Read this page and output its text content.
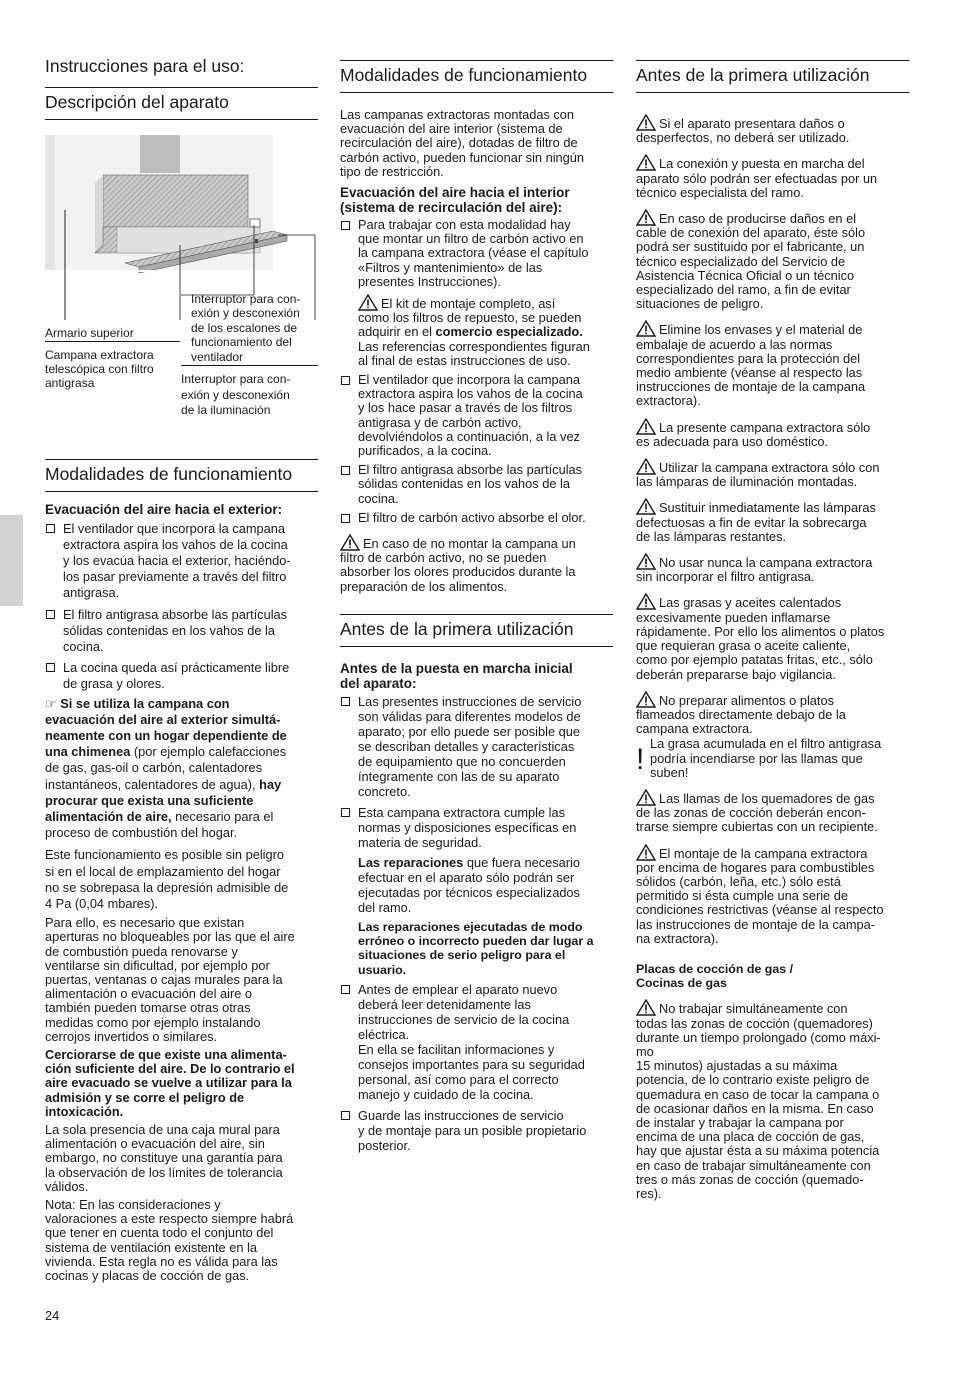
Instrucciones para el uso:

Descripción del aparato

Armario superior
Campana extractora
telescópica con filtro
antigrasa
Interruptor para con-
exión y desconexión
de los escalones de
funcionamiento del
ventilador
Interruptor para con-
exión y desconexión
de la iluminación

Modalidades de funcionamiento

Evacuación del aire hacia el exterior:

El ventilador que incorpora la campana
extractora aspira los vahos de la cocina
y los evacúa hacia el exterior, haciéndo-
los pasar previamente a través del filtro
antigrasa.
El filtro antigrasa absorbe las partículas
sólidas contenidas en los vahos de la
cocina.
La cocina queda así prácticamente libre
de grasa y olores.
☞ Si se utiliza la campana con
evacuación del aire al exterior simultá-
neamente con un hogar dependiente de
una chimenea (por ejemplo calefacciones
de gas, gas-oil o carbón, calentadores
instantáneos, calentadores de agua), hay
procurar que exista una suficiente
alimentación de aire, necesario para el
proceso de combustión del hogar.
Este funcionamiento es posible sin peligro
si en el local de emplazamiento del hogar
no se sobrepasa la depresión admisible de
4 Pa (0,04 mbares).
Para ello, es necesario que existan
aperturas no bloqueables por las que el aire
de combustión pueda renovarse y
ventilarse sin dificultad, por ejemplo por
puertas, ventanas o cajas murales para la
alimentación o evacuación del aire o
también pueden tomarse otras otras
medidas como por ejemplo instalando
cerrojos invertidos o similares.
Cerciorarse de que existe una alimenta-
ción suficiente del aire. De lo contrario el
aire evacuado se vuelve a utilizar para la
admisión y se corre el peligro de
intoxicación.
La sola presencia de una caja mural para
alimentación o evacuación del aire, sin
embargo, no constituye una garantía para
la observación de los límites de tolerancia
válidos.
Nota: En las consideraciones y
valoraciones a este respecto siempre habrá
que tener en cuenta todo el conjunto del
sistema de ventilación existente en la
vivienda. Esta regla no es válida para las
cocinas y placas de cocción de gas.

Modalidades de funcionamiento

Las campanas extractoras montadas con
evacuación del aire interior (sistema de
recirculación del aire), dotadas de filtro de
carbón activo, pueden funcionar sin ningún
tipo de restricción.
Evacuación del aire hacia el interior
(sistema de recirculación del aire):
Para trabajar con esta modalidad hay
que montar un filtro de carbón activo en
la campana extractora (véase el capítulo
«Filtros y mantenimiento» de las
presentes Instrucciones).
El kit de montaje completo, así
como los filtros de repuesto, se pueden
adquirir en el comercio especializado.
Las referencias correspondientes figuran
al final de estas instrucciones de uso.
El ventilador que incorpora la campana
extractora aspira los vahos de la cocina
y los hace pasar a través de los filtros
antigrasa y de carbón activo,
devolviéndolos a continuación, a la vez
purificados, a la cocina.
El filtro antigrasa absorbe las partículas
sólidas contenidas en los vahos de la
cocina.
El filtro de carbón activo absorbe el olor.
En caso de no montar la campana un
filtro de carbón activo, no se pueden
absorber los olores producidos durante la
preparación de los alimentos.

Antes de la primera utilización

Antes de la puesta en marcha inicial
del aparato:
Las presentes instrucciones de servicio
son válidas para diferentes modelos de
aparato; por ello puede ser posible que
se describan detalles y características
de equipamiento que no concuerden
íntegramente con las de su aparato
concreto.
Esta campana extractora cumple las
normas y disposiciones específicas en
materia de seguridad.
Las reparaciones que fuera necesario
efectuar en el aparato sólo podrán ser
ejecutadas por técnicos especializados
del ramo.
Las reparaciones ejecutadas de modo
erróneo o incorrecto pueden dar lugar a
situaciones de serio peligro para el
usuario.
Antes de emplear el aparato nuevo
deberá leer detenidamente las
instrucciones de servicio de la cocina
eléctrica.
En ella se facilitan informaciones y
consejos importantes para su seguridad
personal, así como para el correcto
manejo y cuidado de la cocina.
Guarde las instrucciones de servicio
y de montaje para un posible propietario
posterior.

Antes de la primera utilización

Si el aparato presentara daños o
desperfectos, no deberá ser utilizado.
La conexión y puesta en marcha del
aparato sólo podrán ser efectuadas por un
técnico especialista del ramo.
En caso de producirse daños en el
cable de conexión del aparato, éste sólo
podrá ser sustituido por el fabricante, un
técnico especializado del Servicio de
Asistencia Técnica Oficial o un técnico
especializado del ramo, a fin de evitar
situaciones de peligro.
Elimine los envases y el material de
embalaje de acuerdo a las normas
correspondientes para la protección del
medio ambiente (véanse al respecto las
instrucciones de montaje de la campana
extractora).
La presente campana extractora sólo
es adecuada para uso doméstico.
Utilizar la campana extractora sólo con
las lámparas de iluminación montadas.
Sustituir inmediatamente las lámparas
defectuosas a fin de evitar la sobrecarga
de las lámparas restantes.
No usar nunca la campana extractora
sin incorporar el filtro antigrasa.
Las grasas y aceites calentados
excesivamente pueden inflamarse
rápidamente. Por ello los alimentos o platos
que requieran grasa o aceite caliente,
como por ejemplo patatas fritas, etc., sólo
deberán prepararse bajo vigilancia.
No preparar alimentos o platos
flameados directamente debajo de la
campana extractora.
! La grasa acumulada en el filtro antigrasa
podría incendiarse por las llamas que
suben!
Las llamas de los quemadores de gas
de las zonas de cocción deberán encon-
trarse siempre cubiertas con un recipiente.
El montaje de la campana extractora
por encima de hogares para combustibles
sólidos (carbón, leña, etc.) sólo está
permitido si ésta cumple una serie de
condiciones restrictivas (véanse al respecto
las instrucciones de montaje de la campa-
na extractora).
Placas de cocción de gas /
Cocinas de gas
No trabajar simultáneamente con
todas las zonas de cocción (quemadores)
durante un tiempo prolongado (como máxi-
mo
15 minutos) ajustadas a su máxima
potencia, de lo contrario existe peligro de
quemadura en caso de tocar la campana o
de ocasionar daños en la misma. En caso
de instalar y trabajar la campana por
encima de una placa de cocción de gas,
hay que ajustar ésta a su máxima potencia
en caso de trabajar simultáneamente con
tres o más zonas de cocción (quemado-
res).
24
